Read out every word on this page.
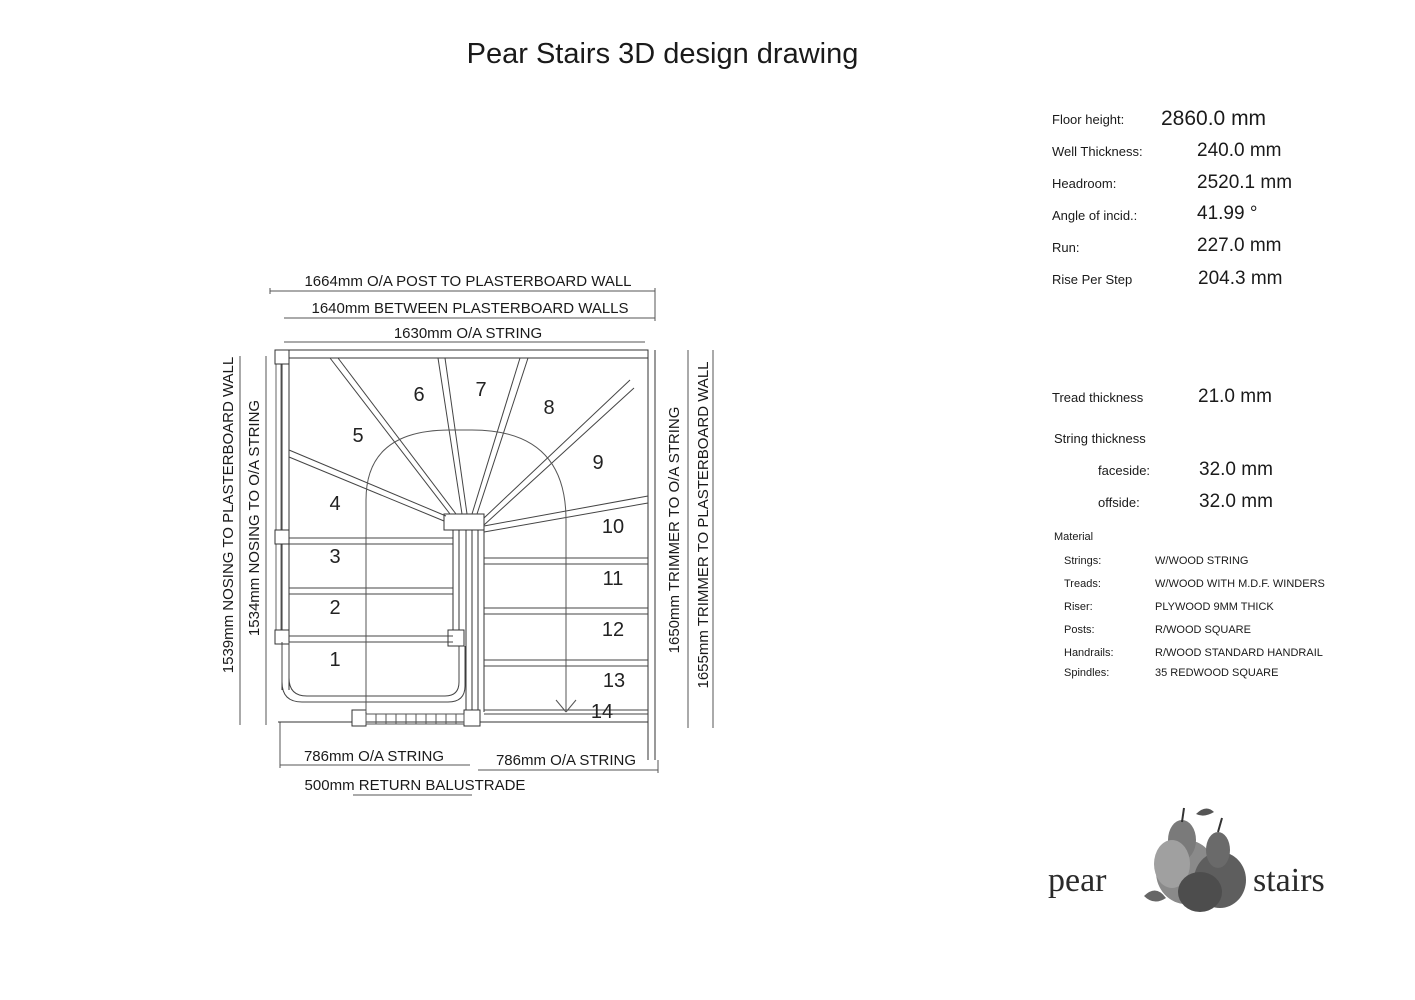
Pear Stairs 3D design drawing
Floor height: 2860.0 mm
Well Thickness:	240.0 mm
Headroom:	2520.1 mm
Angle of incid.:	41.99 °
Run:	227.0 mm
Rise Per Step	204.3 mm
Tread thickness	21.0 mm
String thickness
faceside:	32.0 mm
offside:	32.0 mm
Material
Strings:	W/WOOD STRING
Treads:	W/WOOD WITH M.D.F. WINDERS
Riser:	PLYWOOD 9MM THICK
Posts:	R/WOOD SQUARE
Handrails:	R/WOOD STANDARD HANDRAIL
Spindles:	35 REDWOOD SQUARE
1664mm O/A POST TO PLASTERBOARD WALL
1640mm BETWEEN PLASTERBOARD WALLS
1630mm O/A STRING
1539mm NOSING TO PLASTERBOARD WALL 1534mm NOSING TO O/A STRING	1650mm TRIMMER TO O/A STRING 1655mm TRIMMER TO PLASTERBOARD WALL
786mm O/A STRING	786mm O/A STRING
500mm RETURN BALUSTRADE
1
2
3
4
5
6	7
8
9
10
11
12
13
14
pear	stairs
